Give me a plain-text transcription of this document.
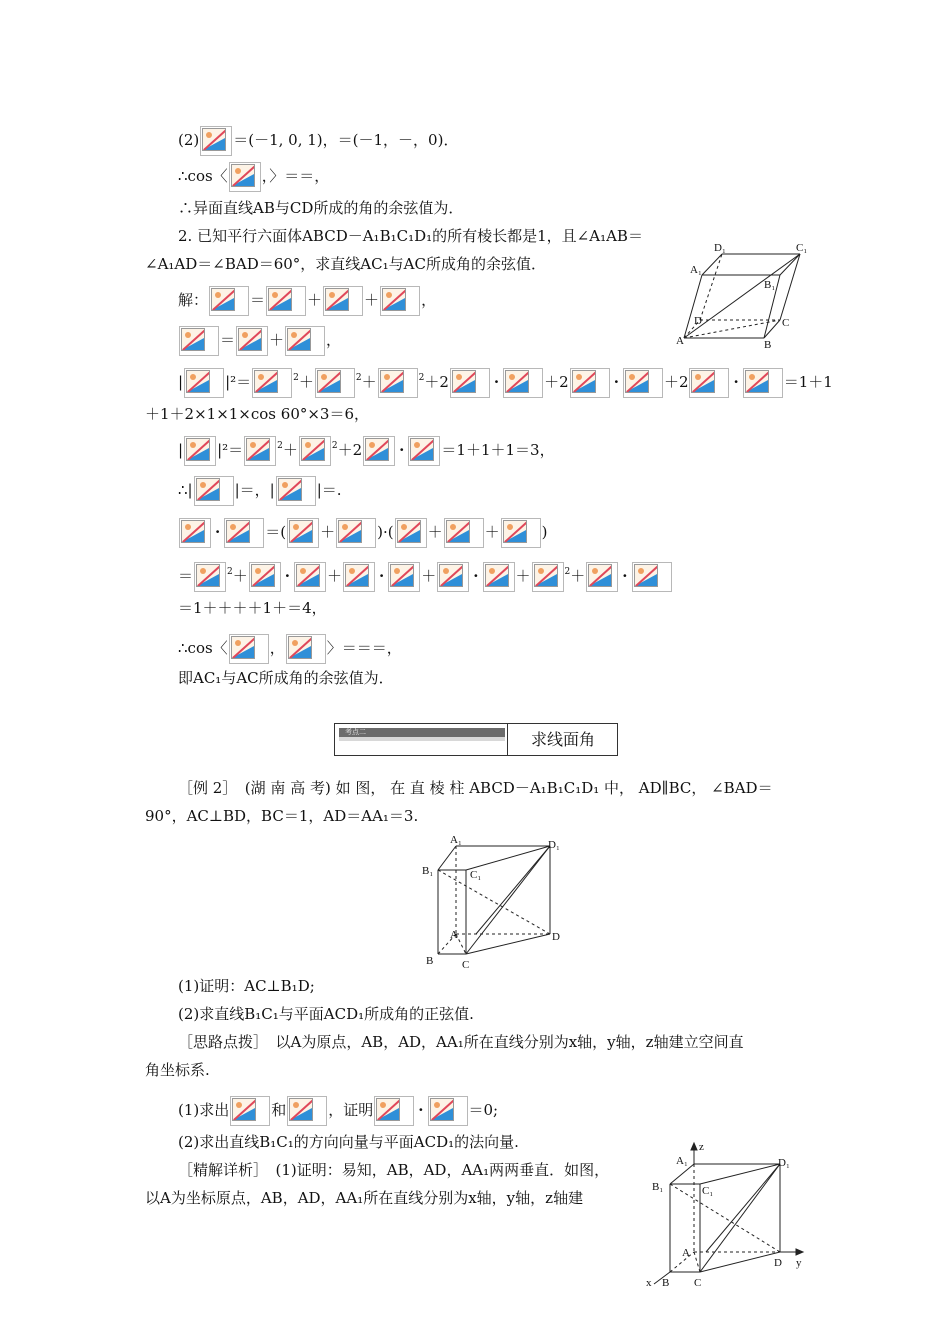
(2) ＝(－1, 0, 1)，＝(－1，－，0)．
∴cos〈 ，〉＝＝，
∴异面直线AB与CD所成的角的余弦值为．
2. 已知平行六面体ABCD－A₁B₁C₁D₁的所有棱长都是1，且∠A₁AB＝
∠A₁AD＝∠BAD＝60°，求直线AC₁与AC所成角的余弦值．
解：	＝	＋	＋	，
＝ ＋	，
|	|²＝	$^2$＋	$^2$＋	$^2$＋2	·	＋2	·	＋2	·	＝1＋1
＋1＋2×1×1×cos 60°×3＝6，
| |²＝	$^2$＋	$^2$＋2 · ＝1＋1＋1＝3，
∴|	|＝，|	|＝.
·	＝( ＋	)·( ＋	＋	)
＝	$^2$＋ · ＋ · ＋ · ＋	$^2$＋ ·
＝1＋＋＋＋1＋＝4，
∴cos〈	，	〉＝＝＝，
即AC₁与AC所成角的余弦值为．
考点二	求线面角
［例 2］　(湖 南 高 考) 如 图， 在 直 棱 柱 ABCD－A₁B₁C₁D₁ 中， AD∥BC， ∠BAD＝
90°，AC⊥BD，BC＝1，AD＝AA₁＝3.
(1)证明：AC⊥B₁D;
(2)求直线B₁C₁与平面ACD₁所成角的正弦值.
［思路点拨］　以A为原点，AB，AD，AA₁所在直线分别为x轴，y轴，z轴建立空间直
角坐标系.
(1)求出	和	，证明	·	＝0;
(2)求出直线B₁C₁的方向向量与平面ACD₁的法向量.
［精解详析］　(1)证明：易知，AB，AD，AA₁两两垂直．如图，
以A为坐标原点，AB，AD，AA₁所在直线分别为x轴，y轴，z轴建
D₁	C₁
A₁
B₁
D	C
A	B
A₁	D₁
B₁	C₁
A	D
B	C
z
A₁	D₁
B₁	C₁
A
y
x B C
D
